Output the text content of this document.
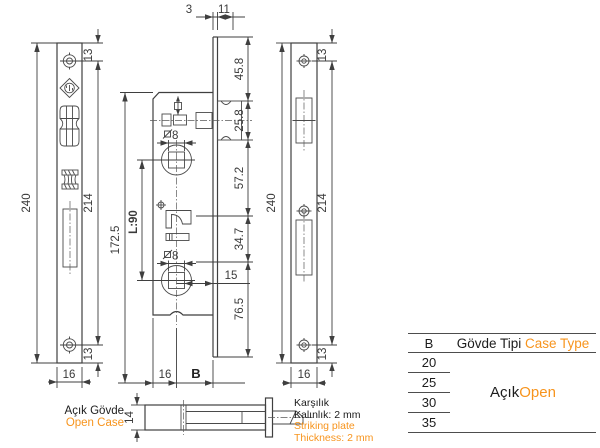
240	214
13
13
16
8
8
3 11
172.5
L:90
15
45.8
25.8
57.2
34.7
76.5
16 B
240	214
13
13
16
14
Açık Gövde
Open Case
Karşılık
Kalınlık: 2 mm
Striking plate
Thickness: 2 mm
B	Gövde Tipi Case Type
20
25
30
35
Açık Open
